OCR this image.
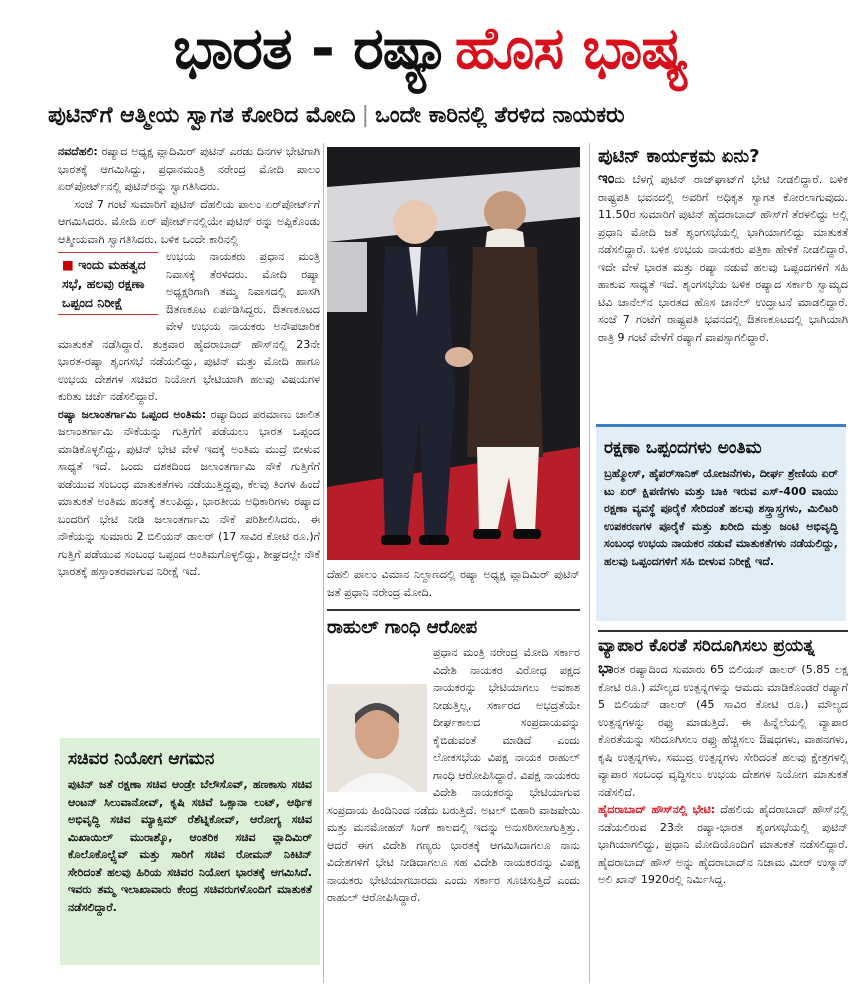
ಭಾರತ - ರಷ್ಯಾ ಹೊಸ ಭಾಷ್ಯ
ಪುಟಿನ್‌ಗೆ ಆತ್ಮೀಯ ಸ್ವಾಗತ ಕೋರಿದ ಮೋದಿ | ಒಂದೇ ಕಾರಿನಲ್ಲಿ ತೆರಳಿದ ನಾಯಕರು

ನವದೆಹಲಿ: ರಷ್ಯಾದ ಅಧ್ಯಕ್ಷ ವ್ಲಾದಿಮಿರ್ ಪುಟಿನ್ ಎರಡು ದಿನಗಳ ಭೇಟಿಗಾಗಿ ಭಾರತಕ್ಕೆ ಆಗಮಿಸಿದ್ದು, ಪ್ರಧಾನಮಂತ್ರಿ ನರೇಂದ್ರ ಮೋದಿ ಪಾಲಂ ಏರ್‌ಪೋರ್ಟ್‌ನಲ್ಲಿ ಪುಟಿನ್‌ರನ್ನು ಸ್ವಾಗತಿಸಿದರು.

ಸಂಜೆ 7 ಗಂಟೆ ಸುಮಾರಿಗೆ ಪುಟಿನ್ ದೆಹಲಿಯ ಪಾಲಂ ಏರ್‌ಪೋರ್ಟ್‌ಗೆ ಆಗಮಿಸಿದರು. ಮೋದಿ ಏರ್ ಪೋರ್ಟ್‌ನಲ್ಲಿಯೇ ಪುಟಿನ್ ರನ್ನು ಅಪ್ಪಿಕೊಂಡು ಆತ್ಮೀಯವಾಗಿ ಸ್ವಾಗತಿಸಿದರು. ಬಳಿಕ ಒಂದೇ ಕಾರಿನಲ್ಲಿ

■ ಇಂದು ಮಹತ್ವದ ಸಭೆ, ಹಲವು ರಕ್ಷಣಾ ಒಪ್ಪಂದ ನಿರೀಕ್ಷೆ

ಉಭಯ ನಾಯಕರು ಪ್ರಧಾನ ಮಂತ್ರಿ ನಿವಾಸಕ್ಕೆ ತೆರಳಿದರು. ಮೋದಿ ರಷ್ಯಾ ಅಧ್ಯಕ್ಷರಿಗಾಗಿ ತಮ್ಮ ನಿವಾಸದಲ್ಲಿ ಖಾಸಗಿ ಔತಣಕೂಟ ಏರ್ಪಡಿಸಿದ್ದರು. ಔತಣಕೂಟದ ವೇಳೆ ಉಭಯ ನಾಯಕರು ಅನೌಪಚಾರಿಕ ಮಾತುಕತೆ ನಡೆಸಿದ್ದಾರೆ. ಶುಕ್ರವಾರ ಹೈದರಾಬಾದ್ ಹೌಸ್‌ನಲ್ಲಿ 23ನೇ ಭಾರತ-ರಷ್ಯಾ ಶೃಂಗಸಭೆ ನಡೆಯಲಿದ್ದು, ಪುಟಿನ್ ಮತ್ತು ಮೋದಿ ಹಾಗೂ ಉಭಯ ದೇಶಗಳ ಸಚಿವರ ನಿಯೋಗ ಭೇಟಿಯಾಗಿ ಹಲವು ವಿಷಯಗಳ ಕುರಿತು ಚರ್ಚೆ ನಡೆಸಲಿದ್ದಾರೆ.

ರಷ್ಯಾ ಜಲಾಂತರ್ಗಾಮಿ ಒಪ್ಪಂದ ಅಂತಿಮ: ರಷ್ಯಾದಿಂದ ಪರಮಾಣು ಚಾಲಿತ ಜಲಾಂತರ್ಗಾಮಿ ನೌಕೆಯನ್ನು ಗುತ್ತಿಗೆಗೆ ಪಡೆಯಲು ಭಾರತ ಒಪ್ಪಂದ ಮಾಡಿಕೊಳ್ಳಲಿದ್ದು, ಪುಟಿನ್ ಭೇಟಿ ವೇಳೆ ಇದಕ್ಕೆ ಅಂತಿಮ ಮುದ್ರೆ ಬೀಳುವ ಸಾಧ್ಯತೆ ಇದೆ. ಒಂದು ದಶಕದಿಂದ ಜಲಾಂತರ್ಗಾಮಿ ನೌಕೆ ಗುತ್ತಿಗೆಗೆ ಪಡೆಯುವ ಸಂಬಂಧ ಮಾತುಕತೆಗಳು ನಡೆಯುತ್ತಿದ್ದವು, ಕೆಲವು ತಿಂಗಳ ಹಿಂದೆ ಮಾತುಕತೆ ಅಂತಿಮ ಹಂತಕ್ಕೆ ತಲುಪಿದ್ದು, ಭಾರತೀಯ ಅಧಿಕಾರಿಗಳು ರಷ್ಯಾದ ಬಂದರಿಗೆ ಭೇಟಿ ನೀಡಿ ಜಲಾಂತರ್ಗಾಮಿ ನೌಕೆ ಪರಿಶೀಲಿಸಿದರು. ಈ ನೌಕೆಯನ್ನು ಸುಮಾರು 2 ಬಿಲಿಯನ್ ಡಾಲರ್ (17 ಸಾವಿರ ಕೋಟಿ ರೂ.)ಗೆ ಗುತ್ತಿಗೆ ಪಡೆಯುವ ಸಂಬಂಧ ಒಪ್ಪಂದ ಅಂತಿಮಗೊಳ್ಳಲಿದ್ದು, ಶೀಘ್ರದಲ್ಲೇ ನೌಕೆ ಭಾರತಕ್ಕೆ ಹಸ್ತಾಂತರವಾಗುವ ನಿರೀಕ್ಷೆ ಇದೆ.

ಸಚಿವರ ನಿಯೋಗ ಆಗಮನ
ಪುಟಿನ್ ಜತೆ ರಕ್ಷಣಾ ಸಚಿವ ಆಂಡ್ರೇ ಬೆಲೌಸೊವ್, ಹಣಕಾಸು ಸಚಿವ ಆಂಟನ್ ಸಿಲುವಾನೋವ್, ಕೃಷಿ ಸಚಿವೆ ಒಕ್ಸಾನಾ ಲುಟ್, ಆರ್ಥಿಕ ಅಭಿವೃದ್ಧಿ ಸಚಿವ ಮ್ಯಾಕ್ಸಿಮ್ ರೆಶೆಟ್ನಿಕೋವ್, ಆರೋಗ್ಯ ಸಚಿವ ಮಿಖಾಯಿಲ್ ಮುರಾಶ್ಕೊ, ಆಂತರಿಕ ಸಚಿವ ವ್ಲಾದಿಮಿರ್ ಕೊಲೊಕೊಲ್ಟ್ಸೆವ್ ಮತ್ತು ಸಾರಿಗೆ ಸಚಿವ ರೋಮನ್ ನಿಕಿಟಿನ್ ಸೇರಿದಂತೆ ಹಲವು ಹಿರಿಯ ಸಚಿವರ ನಿಯೋಗ ಭಾರತಕ್ಕೆ ಆಗಮಿಸಿದೆ. ಇವರು ತಮ್ಮ ಇಲಾಖಾವಾರು ಕೇಂದ್ರ ಸಚಿವರುಗಳೊಂದಿಗೆ ಮಾತುಕತೆ ನಡೆಸಲಿದ್ದಾರೆ.
ದೆಹಲಿ ಪಾಲಂ ವಿಮಾನ ನಿಲ್ದಾಣದಲ್ಲಿ ರಷ್ಯಾ ಅಧ್ಯಕ್ಷ ವ್ಲಾದಿಮಿರ್ ಪುಟಿನ್ ಜತೆ ಪ್ರಧಾನಿ ನರೇಂದ್ರ ಮೋದಿ.
ರಾಹುಲ್ ಗಾಂಧಿ ಆರೋಪ
ಪ್ರಧಾನ ಮಂತ್ರಿ ನರೇಂದ್ರ ಮೋದಿ ಸರ್ಕಾರ ವಿದೇಶಿ ನಾಯಕರ ವಿರೋಧ ಪಕ್ಷದ ನಾಯಕರನ್ನು ಭೇಟಿಯಾಗಲು ಅವಕಾಶ ನೀಡುತ್ತಿಲ್ಲ, ಸರ್ಕಾರದ ಅಭದ್ರತೆಯೇ ದೀರ್ಘಕಾಲದ ಸಂಪ್ರದಾಯವನ್ನು ಕೈಬಿಡುವಂತೆ ಮಾಡಿದೆ ಎಂದು ಲೋಕಸಭೆಯ ವಿಪಕ್ಷ ನಾಯಕ ರಾಹುಲ್ ಗಾಂಧಿ ಆರೋಪಿಸಿದ್ದಾರೆ. ವಿಪಕ್ಷ ನಾಯಕರು ವಿದೇಶಿ ನಾಯಕರನ್ನು ಭೇಟಿಯಾಗುವ ಸಂಪ್ರದಾಯ ಹಿಂದಿನಿಂದ ನಡೆದು ಬರುತ್ತಿದೆ. ಅಟಲ್ ಬಿಹಾರಿ ವಾಜಪೇಯಿ ಮತ್ತು ಮನಮೋಹನ್ ಸಿಂಗ್ ಕಾಲದಲ್ಲಿ ಇದನ್ನು ಅನುಸರಿಸಲಾಗುತ್ತಿತ್ತು. ಆದರೆ ಈಗ ವಿದೇಶಿ ಗಣ್ಯರು ಭಾರತಕ್ಕೆ ಆಗಮಿಸಿದಾಗಲೂ ನಾನು ವಿದೇಶಗಳಿಗೆ ಭೇಟಿ ನೀಡಿದಾಗಲೂ ಸಹ ವಿದೇಶಿ ನಾಯಕರನನ್ನು ವಿಪಕ್ಷ ನಾಯಕರು ಭೇಟಿಯಾಗಬಾರದು ಎಂದು ಸರ್ಕಾರ ಸೂಚಿಸುತ್ತಿದೆ ಎಂದು ರಾಹುಲ್ ಆರೋಪಿಸಿದ್ದಾರೆ.
ಪುಟಿನ್ ಕಾರ್ಯಕ್ರಮ ಏನು?
ಇಂದು ಬೆಳಗ್ಗೆ ಪುಟಿನ್ ರಾಜ್‌ಘಾಟ್‌ಗೆ ಭೇಟಿ ನೀಡಲಿದ್ದಾರೆ. ಬಳಿಕ ರಾಷ್ಟ್ರಪತಿ ಭವನದಲ್ಲಿ ಅವರಿಗೆ ಅಧಿಕೃತ ಸ್ವಾಗತ ಕೋರಲಾಗುವುದು. 11.50ರ ಸುಮಾರಿಗೆ ಪುಟಿನ್ ಹೈದರಾಬಾದ್ ಹೌಸ್‌ಗೆ ತೆರಳಲಿದ್ದು ಅಲ್ಲಿ ಪ್ರಧಾನಿ ಮೋದಿ ಜತೆ ಶೃಂಗಸಭೆಯಲ್ಲಿ ಭಾಗಿಯಾಗಲಿದ್ದು ಮಾತುಕತೆ ನಡೆಸಲಿದ್ದಾರೆ. ಬಳಿಕ ಉಭಯ ನಾಯಕರು ಪತ್ರಿಕಾ ಹೇಳಿಕೆ ನೀಡಲಿದ್ದಾರೆ. ಇದೇ ವೇಳೆ ಭಾರತ ಮತ್ತು ರಷ್ಯಾ ನಡುವೆ ಹಲವು ಒಪ್ಪಂದಗಳಿಗೆ ಸಹಿ ಹಾಕುವ ಸಾಧ್ಯತೆ ಇದೆ. ಶೃಂಗಸಭೆಯ ಬಳಿಕ ರಷ್ಯಾದ ಸರ್ಕಾರಿ ಸ್ವಾಮ್ಯದ ಟಿವಿ ಚಾನೆಲ್‌ನ ಭಾರತದ ಹೊಸ ಚಾನೆಲ್ ಉದ್ಘಾಟನೆ ಮಾಡಲಿದ್ದಾರೆ. ಸಂಜೆ 7 ಗಂಟೆಗೆ ರಾಷ್ಟ್ರಪತಿ ಭವನದಲ್ಲಿ ಔತಣಕೂಟದಲ್ಲಿ ಭಾಗಿಯಾಗಿ ರಾತ್ರಿ 9 ಗಂಟೆ ವೇಳೆಗೆ ರಷ್ಯಾಗೆ ವಾಪಸ್ಸಾಗಲಿದ್ದಾರೆ.
ರಕ್ಷಣಾ ಒಪ್ಪಂದಗಳು ಅಂತಿಮ
ಬ್ರಹ್ಮೋಸ್, ಹೈಪರ್‌ಸಾನಿಕ್ ಯೋಜನೆಗಳು, ದೀರ್ಘ ಶ್ರೇಣಿಯ ಏರ್ ಟು ಏರ್ ಕ್ಷಿಪಣಿಗಳು ಮತ್ತು ಬಾಕಿ ಇರುವ ಎಸ್-400 ವಾಯು ರಕ್ಷಣಾ ವ್ಯವಸ್ಥೆ ಪೂರೈಕೆ ಸೇರಿದಂತೆ ಹಲವು ಶಸ್ತ್ರಾಸ್ತ್ರಗಳು, ಮಿಲಿಟರಿ ಉಪಕರಣಗಳ ಪೂರೈಕೆ ಮತ್ತು ಖರೀದಿ ಮತ್ತು ಜಂಟಿ ಅಭಿವೃದ್ಧಿ ಸಂಬಂಧ ಉಭಯ ನಾಯಕರ ನಡುವೆ ಮಾತುಕತೆಗಳು ನಡೆಯಲಿದ್ದು, ಹಲವು ಒಪ್ಪಂದಗಳಿಗೆ ಸಹಿ ಬೀಳುವ ನಿರೀಕ್ಷೆ ಇದೆ.
ವ್ಯಾಪಾರ ಕೊರತೆ ಸರಿದೂಗಿಸಲು ಪ್ರಯತ್ನ

ಭಾರತ ರಷ್ಯಾದಿಂದ ಸುಮಾರು 65 ಬಿಲಿಯನ್ ಡಾಲರ್ (5.85 ಲಕ್ಷ ಕೋಟಿ ರೂ.) ಮೌಲ್ಯದ ಉತ್ಪನ್ನಗಳನ್ನು ಆಮದು ಮಾಡಿಕೊಂಡರೆ ರಷ್ಯಾಗೆ 5 ಬಿಲಿಯನ್ ಡಾಲರ್ (45 ಸಾವಿರ ಕೋಟಿ ರೂ.) ಮೌಲ್ಯದ ಉತ್ಪನ್ನಗಳನ್ನು ರಫ್ತು ಮಾಡುತ್ತಿದೆ. ಈ ಹಿನ್ನೆಲೆಯಲ್ಲಿ ವ್ಯಾಪಾರ ಕೊರತೆಯನ್ನು ಸರಿದೂಗಿಸಲು ರಫ್ತು ಹೆಚ್ಚಿಸಲು ಔಷಧಗಳು, ವಾಹನಗಳು, ಕೃಷಿ ಉತ್ಪನ್ನಗಳು, ಸಮುದ್ರ ಉತ್ಪನ್ನಗಳು ಸೇರಿದಂತೆ ಹಲವು ಕ್ಷೇತ್ರಗಳಲ್ಲಿ ವ್ಯಾಪಾರ ಸಂಬಂಧ ವೃದ್ಧಿಸಲು ಉಭಯ ದೇಶಗಳ ನಿಯೋಗ ಮಾತುಕತೆ ನಡೆಸಲಿದೆ.

ಹೈದರಾಬಾದ್ ಹೌಸ್‌ನಲ್ಲಿ ಭೇಟಿ: ದೆಹಲಿಯ ಹೈದರಾಬಾದ್ ಹೌಸ್‌ನಲ್ಲಿ ನಡೆಯಲಿರುವ 23ನೇ ರಷ್ಯಾ-ಭಾರತ ಶೃಂಗಸಭೆಯಲ್ಲಿ ಪುಟಿನ್ ಭಾಗಿಯಾಗಲಿದ್ದು, ಪ್ರಧಾನಿ ಮೋದಿಯೊಂದಿಗೆ ಮಾತುಕತೆ ನಡೆಸಲಿದ್ದಾರೆ. ಹೈದರಾಬಾದ್ ಹೌಸ್ ಅನ್ನು ಹೈದರಾಬಾದ್‌ನ ನಿಜಾಮ ಮೀರ್ ಉಸ್ಮಾನ್ ಅಲಿ ಖಾನ್ 1920ರಲ್ಲಿ ನಿರ್ಮಿಸಿದ್ದ.
